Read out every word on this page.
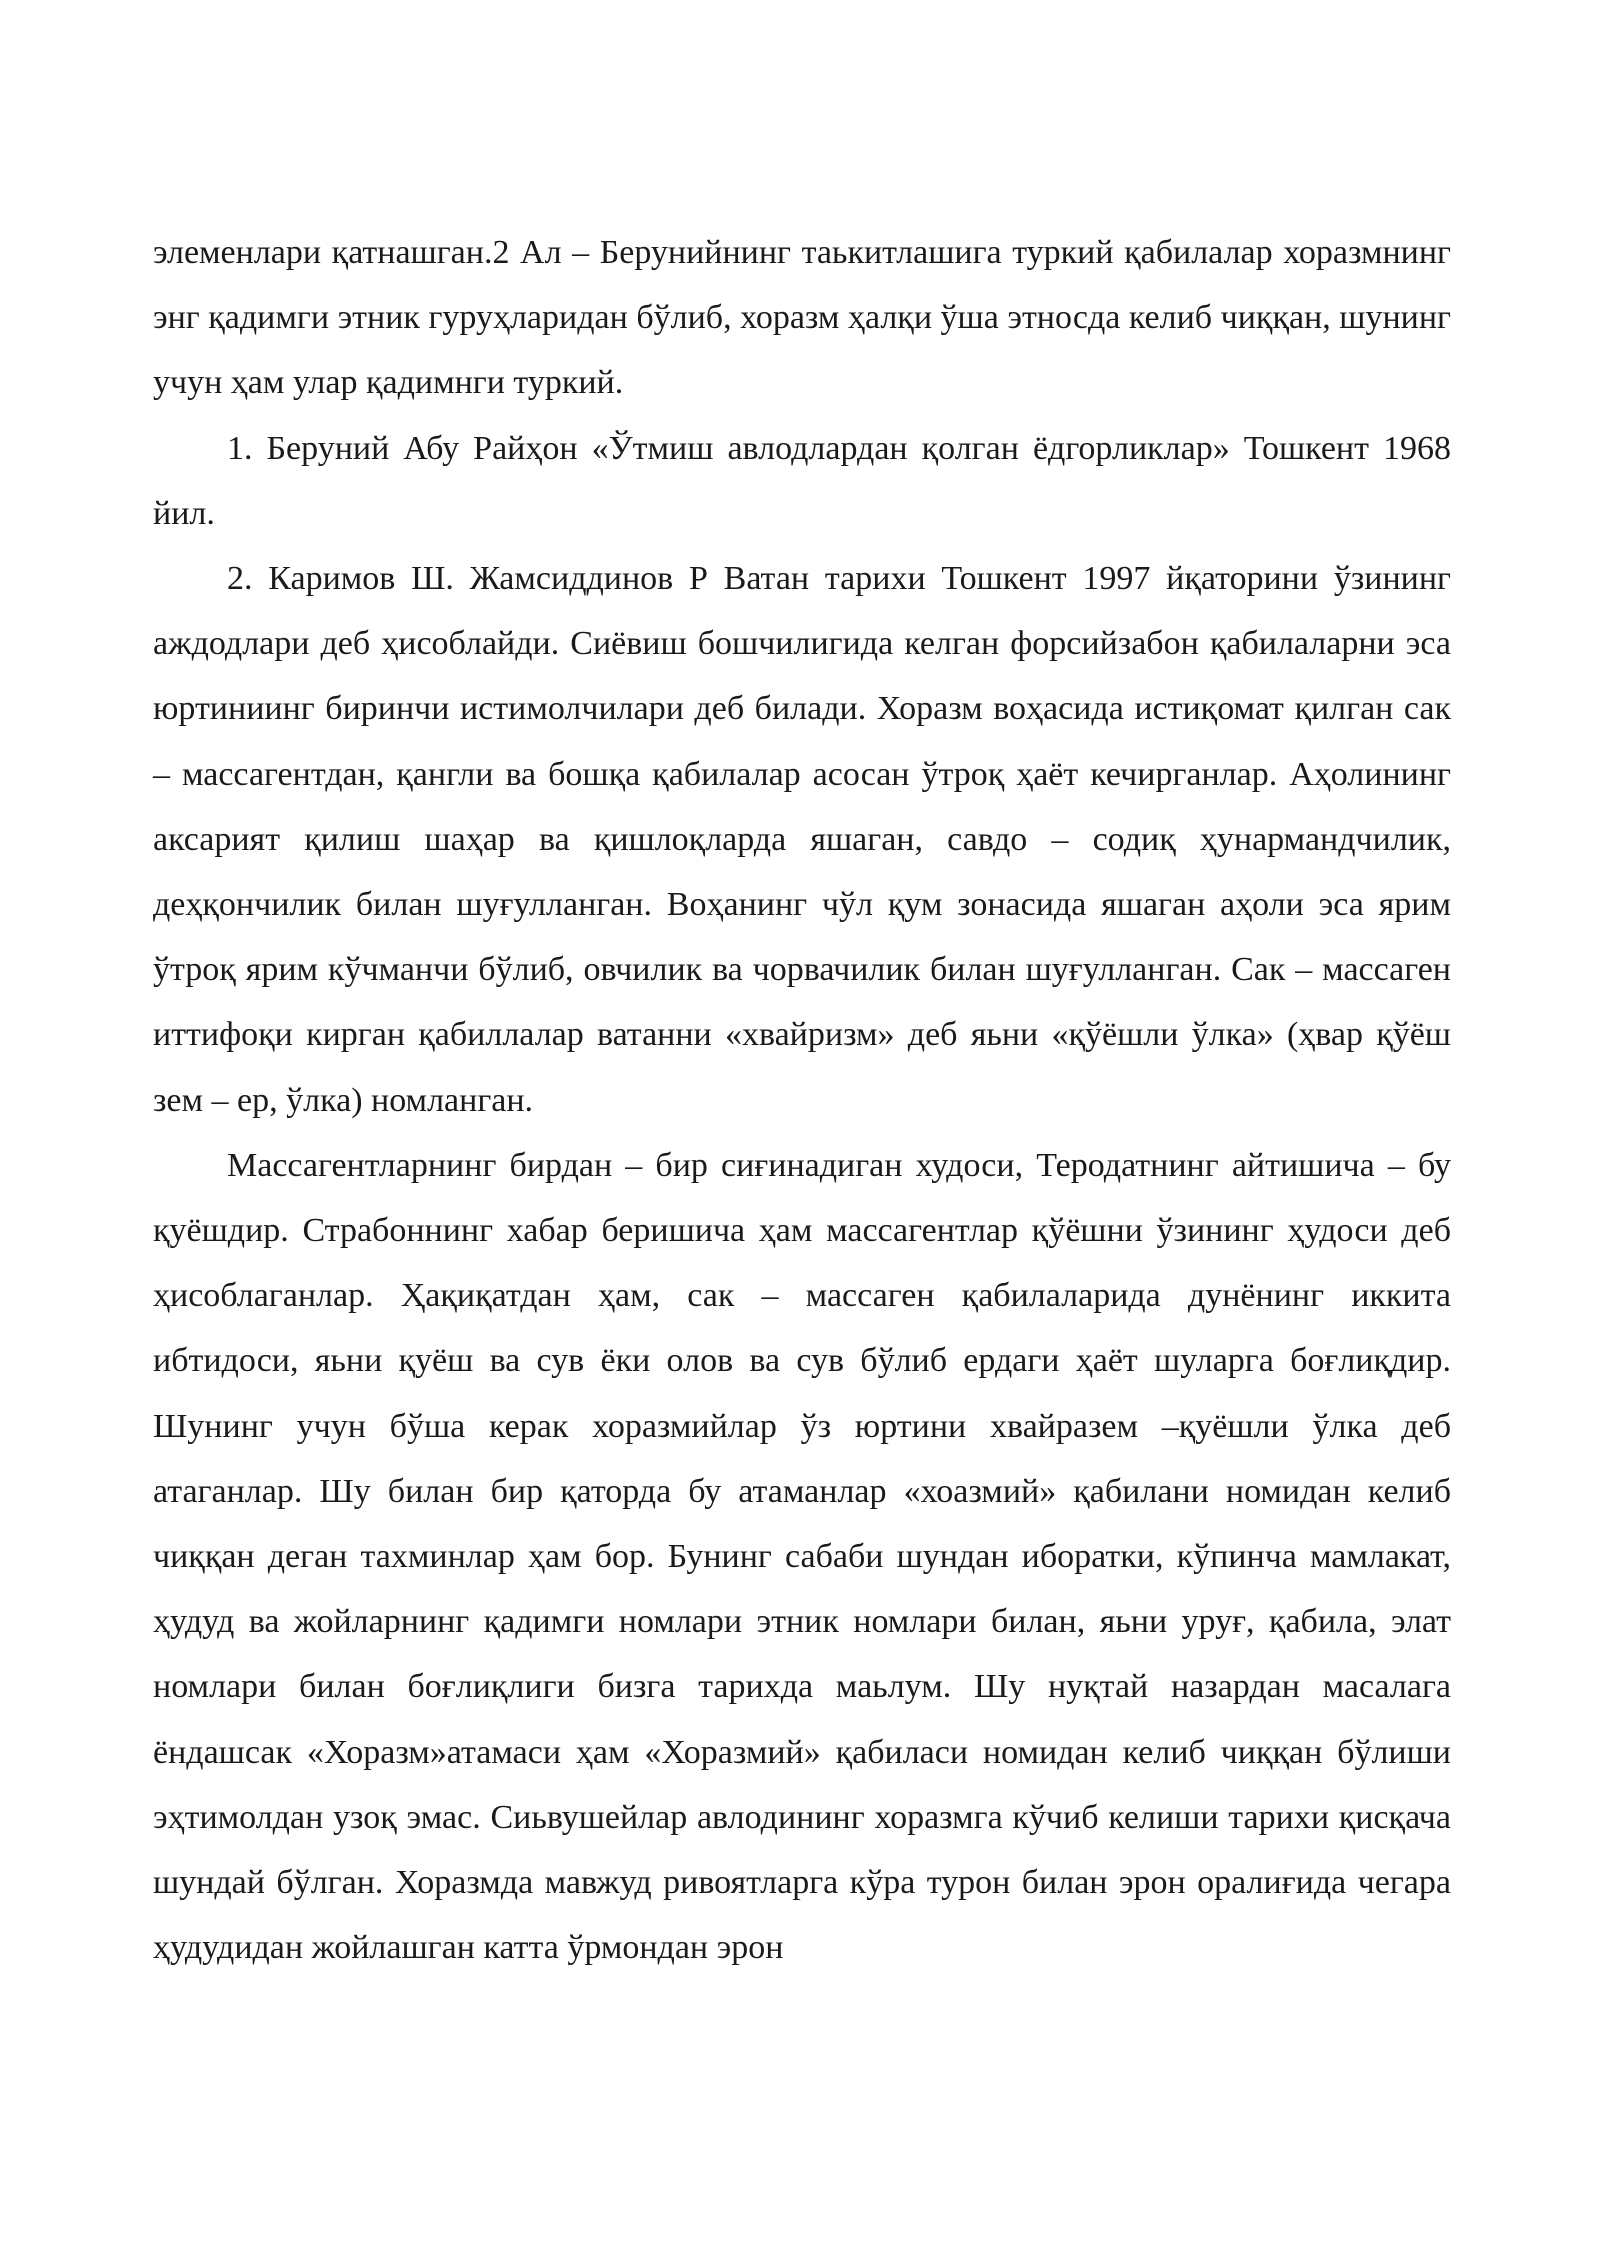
элеменлари қатнашган.2 Ал – Берунийнинг таькитлашига туркий қабилалар хоразмнинг энг қадимги этник гуруҳларидан бўлиб, хоразм ҳалқи ўша этносда келиб чиққан, шунинг учун ҳам улар қадимнги туркий.

1. Беруний Абу Райҳон «Ўтмиш авлодлардан қолган ёдгорликлар» Тошкент 1968 йил.

2. Каримов Ш. Жамсиддинов Р Ватан тарихи Тошкент 1997 йқаторини ўзининг аждодлари деб ҳисоблайди. Сиёвиш бошчилигида келган форсийзабон қабилаларни эса юртиниинг биринчи истимолчилари деб билади. Хоразм воҳасида истиқомат қилган сак – массагентдан, қангли ва бошқа қабилалар асосан ўтроқ ҳаёт кечирганлар. Аҳолининг аксарият қилиш шаҳар ва қишлоқларда яшаган, савдо – содиқ ҳунармандчилик, деҳқончилик билан шуғулланган. Воҳанинг чўл қум зонасида яшаган аҳоли эса ярим ўтроқ ярим кўчманчи бўлиб, овчилик ва чорвачилик билан шуғулланган. Сак – массаген иттифоқи кирган қабиллалар ватанни «хвайризм» деб яьни «қўёшли ўлка» (ҳвар қўёш зем – ер, ўлка) номланган.

Массагентларнинг бирдан – бир сиғинадиган худоси, Теродатнинг айтишича – бу қуёшдир. Страбоннинг хабар беришича ҳам массагентлар қўёшни ўзининг ҳудоси деб ҳисоблаганлар. Ҳақиқатдан ҳам, сак – массаген қабилаларида дунёнинг иккита ибтидоси, яьни қуёш ва сув ёки олов ва сув бўлиб ердаги ҳаёт шуларга боғлиқдир. Шунинг учун бўша керак хоразмийлар ўз юртини хвайразем –қуёшли ўлка деб атаганлар. Шу билан бир қаторда бу атаманлар «хоазмий» қабилани номидан келиб чиққан деган тахминлар ҳам бор. Бунинг сабаби шундан иборатки, кўпинча мамлакат, ҳудуд ва жойларнинг қадимги номлари этник номлари билан, яьни уруғ, қабила, элат номлари билан боғлиқлиги бизга тарихда маьлум. Шу нуқтай назардан масалага ёндашсак «Хоразм»атамаси ҳам «Хоразмий» қабиласи номидан келиб чиққан бўлиши эҳтимолдан узоқ эмас. Сиьвушейлар авлодининг хоразмга кўчиб келиши тарихи қисқача шундай бўлган. Хоразмда мавжуд ривоятларга кўра турон билан эрон оралиғида чегара ҳудудидан жойлашган катта ўрмондан эрон
